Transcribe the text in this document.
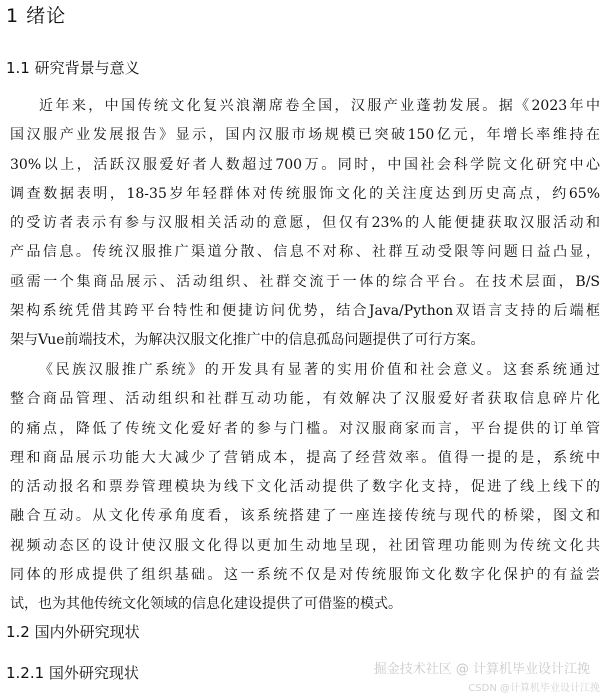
1 绪论
1.1 研究背景与意义
近年来，中国传统文化复兴浪潮席卷全国，汉服产业蓬勃发展。据《2023年中
国汉服产业发展报告》显示，国内汉服市场规模已突破150亿元，年增长率维持在
30%以上，活跃汉服爱好者人数超过700万。同时，中国社会科学院文化研究中心
调查数据表明，18-35岁年轻群体对传统服饰文化的关注度达到历史高点，约65%
的受访者表示有参与汉服相关活动的意愿，但仅有23%的人能便捷获取汉服活动和
产品信息。传统汉服推广渠道分散、信息不对称、社群互动受限等问题日益凸显，
亟需一个集商品展示、活动组织、社群交流于一体的综合平台。在技术层面，B/S
架构系统凭借其跨平台特性和便捷访问优势，结合Java/Python双语言支持的后端框
架与Vue前端技术，为解决汉服文化推广中的信息孤岛问题提供了可行方案。
《民族汉服推广系统》的开发具有显著的实用价值和社会意义。这套系统通过
整合商品管理、活动组织和社群互动功能，有效解决了汉服爱好者获取信息碎片化
的痛点，降低了传统文化爱好者的参与门槛。对汉服商家而言，平台提供的订单管
理和商品展示功能大大减少了营销成本，提高了经营效率。值得一提的是，系统中
的活动报名和票券管理模块为线下文化活动提供了数字化支持，促进了线上线下的
融合互动。从文化传承角度看，该系统搭建了一座连接传统与现代的桥梁，图文和
视频动态区的设计使汉服文化得以更加生动地呈现，社团管理功能则为传统文化共
同体的形成提供了组织基础。这一系统不仅是对传统服饰文化数字化保护的有益尝
试，也为其他传统文化领域的信息化建设提供了可借鉴的模式。
1.2 国内外研究现状
1.2.1 国外研究现状	掘金技术社区 @ 计算机毕业设计江挽
CSDN @计算机毕业设计江挽
